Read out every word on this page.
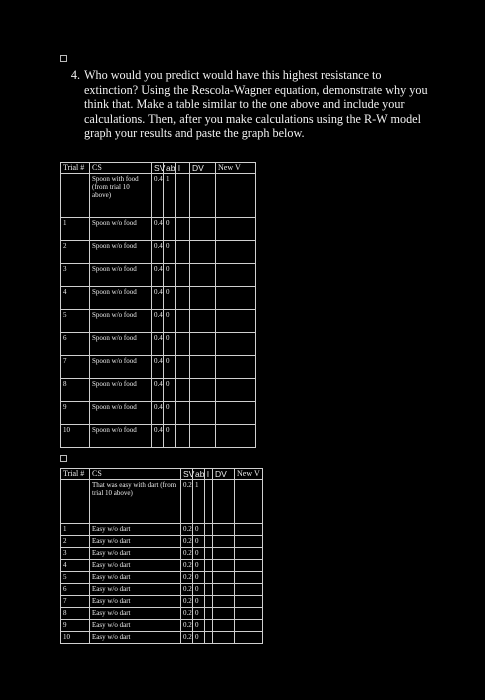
4. Who would you predict would have this highest resistance to extinction? Using the Rescola-Wagner equation, demonstrate why you think that. Make a table similar to the one above and include your calculations. Then, after you make calculations using the R-W model graph your results and paste the graph below.
Trial #	CS	SV	ab	l	DV	New V
	Spoon with food (from trial 10 above)	0.4	1			
1	Spoon w/o food	0.4	0			
2	Spoon w/o food	0.4	0			
3	Spoon w/o food	0.4	0			
4	Spoon w/o food	0.4	0			
5	Spoon w/o food	0.4	0			
6	Spoon w/o food	0.4	0			
7	Spoon w/o food	0.4	0			
8	Spoon w/o food	0.4	0			
9	Spoon w/o food	0.4	0			
10	Spoon w/o food	0.4	0			
Trial #	CS	SV	ab	l	DV	New V
	That was easy with dart (from trial 10 above)	0.2	1			
1	Easy w/o dart	0.2	0			
2	Easy w/o dart	0.2	0			
3	Easy w/o dart	0.2	0			
4	Easy w/o dart	0.2	0			
5	Easy w/o dart	0.2	0			
6	Easy w/o dart	0.2	0			
7	Easy w/o dart	0.2	0			
8	Easy w/o dart	0.2	0			
9	Easy w/o dart	0.2	0			
10	Easy w/o dart	0.2	0			
